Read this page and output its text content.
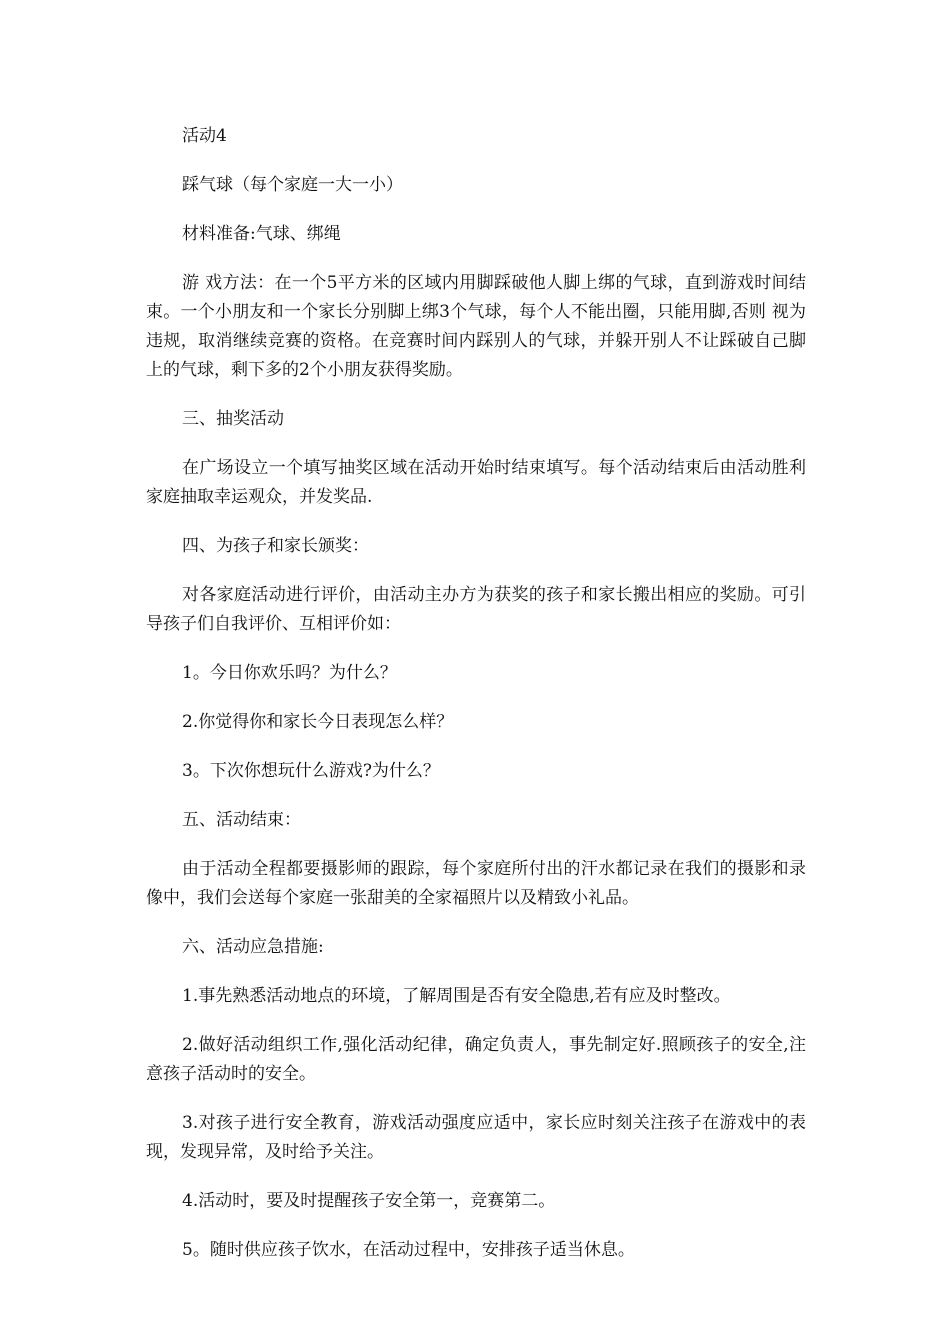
活动4

踩气球（每个家庭一大一小）

材料准备:气球、绑绳

游 戏方法：在一个5平方米的区域内用脚踩破他人脚上绑的气球，直到游戏时间结束。一个小朋友和一个家长分别脚上绑3个气球，每个人不能出圈，只能用脚,否则 视为违规，取消继续竞赛的资格。在竞赛时间内踩别人的气球，并躲开别人不让踩破自己脚上的气球，剩下多的2个小朋友获得奖励。

三、抽奖活动

在广场设立一个填写抽奖区域在活动开始时结束填写。每个活动结束后由活动胜利家庭抽取幸运观众，并发奖品.

四、为孩子和家长颁奖：

对各家庭活动进行评价，由活动主办方为获奖的孩子和家长搬出相应的奖励。可引导孩子们自我评价、互相评价如：

1。今日你欢乐吗？为什么？

2.你觉得你和家长今日表现怎么样？

3。下次你想玩什么游戏?为什么？

五、活动结束：

由于活动全程都要摄影师的跟踪，每个家庭所付出的汗水都记录在我们的摄影和录像中，我们会送每个家庭一张甜美的全家福照片以及精致小礼品。

六、活动应急措施:

1.事先熟悉活动地点的环境，了解周围是否有安全隐患,若有应及时整改。

2.做好活动组织工作,强化活动纪律，确定负责人，事先制定好.照顾孩子的安全,注意孩子活动时的安全。

3.对孩子进行安全教育，游戏活动强度应适中，家长应时刻关注孩子在游戏中的表现，发现异常，及时给予关注。

4.活动时，要及时提醒孩子安全第一，竞赛第二。

5。随时供应孩子饮水，在活动过程中，安排孩子适当休息。
